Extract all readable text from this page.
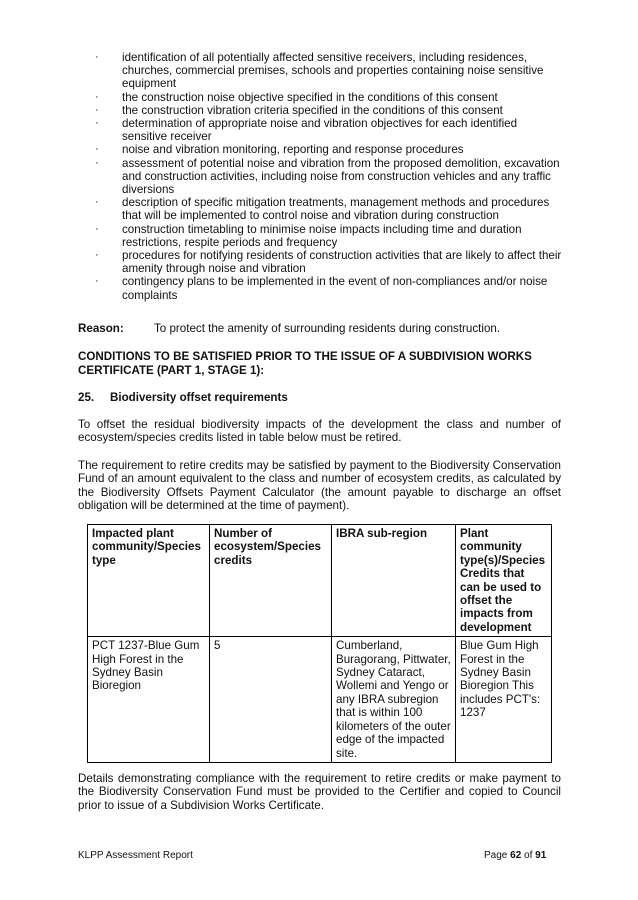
· identification of all potentially affected sensitive receivers, including residences, churches, commercial premises, schools and properties containing noise sensitive equipment
· the construction noise objective specified in the conditions of this consent
· the construction vibration criteria specified in the conditions of this consent
· determination of appropriate noise and vibration objectives for each identified sensitive receiver
· noise and vibration monitoring, reporting and response procedures
· assessment of potential noise and vibration from the proposed demolition, excavation and construction activities, including noise from construction vehicles and any traffic diversions
· description of specific mitigation treatments, management methods and procedures that will be implemented to control noise and vibration during construction
· construction timetabling to minimise noise impacts including time and duration restrictions, respite periods and frequency
· procedures for notifying residents of construction activities that are likely to affect their amenity through noise and vibration
· contingency plans to be implemented in the event of non-compliances and/or noise complaints
Reason:	To protect the amenity of surrounding residents during construction.
CONDITIONS TO BE SATISFIED PRIOR TO THE ISSUE OF A SUBDIVISION WORKS CERTIFICATE (PART 1, STAGE 1):
25. Biodiversity offset requirements
To offset the residual biodiversity impacts of the development the class and number of ecosystem/species credits listed in table below must be retired.
The requirement to retire credits may be satisfied by payment to the Biodiversity Conservation Fund of an amount equivalent to the class and number of ecosystem credits, as calculated by the Biodiversity Offsets Payment Calculator (the amount payable to discharge an offset obligation will be determined at the time of payment).
Impacted plant community/Species type	Number of ecosystem/Species credits	IBRA sub-region	Plant community type(s)/Species Credits that can be used to offset the impacts from development
PCT 1237-Blue Gum High Forest in the Sydney Basin Bioregion	5	Cumberland, Buragorang, Pittwater, Sydney Cataract, Wollemi and Yengo or any IBRA subregion that is within 100 kilometers of the outer edge of the impacted site.	Blue Gum High Forest in the Sydney Basin Bioregion This includes PCT's: 1237
Details demonstrating compliance with the requirement to retire credits or make payment to the Biodiversity Conservation Fund must be provided to the Certifier and copied to Council prior to issue of a Subdivision Works Certificate.
KLPP Assessment Report	Page 62 of 91
